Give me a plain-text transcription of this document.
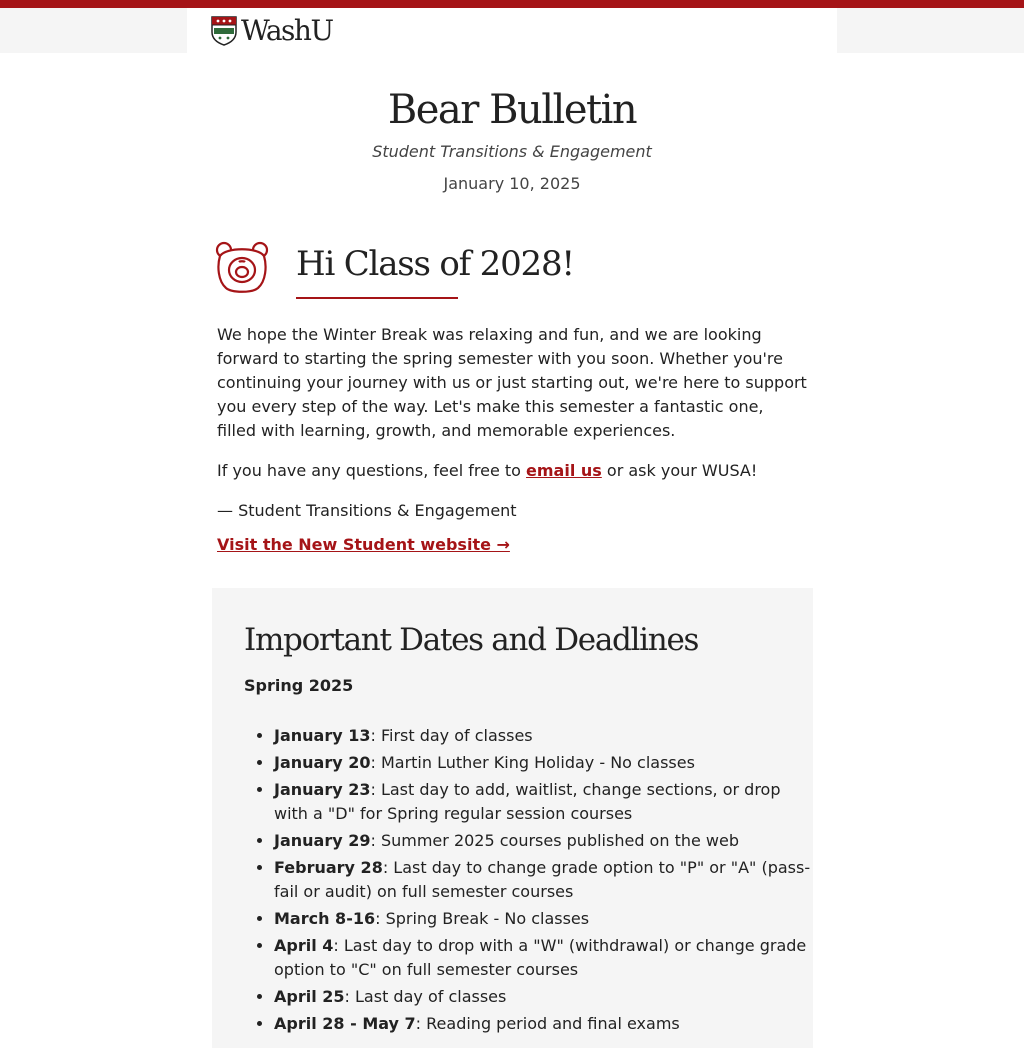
WashU
Bear Bulletin
Student Transitions & Engagement
January 10, 2025
Hi Class of 2028!

We hope the Winter Break was relaxing and fun, and we are looking forward to starting the spring semester with you soon. Whether you're continuing your journey with us or just starting out, we're here to support you every step of the way. Let's make this semester a fantastic one, filled with learning, growth, and memorable experiences.

If you have any questions, feel free to email us or ask your WUSA!

— Student Transitions & Engagement

Visit the New Student website →

Important Dates and Deadlines
Spring 2025
• January 13: First day of classes
• January 20: Martin Luther King Holiday - No classes
• January 23: Last day to add, waitlist, change sections, or drop with a "D" for Spring regular session courses
• January 29: Summer 2025 courses published on the web
• February 28: Last day to change grade option to "P" or "A" (pass-fail or audit) on full semester courses
• March 8-16: Spring Break - No classes
• April 4: Last day to drop with a "W" (withdrawal) or change grade option to "C" on full semester courses
• April 25: Last day of classes
• April 28 - May 7: Reading period and final exams
